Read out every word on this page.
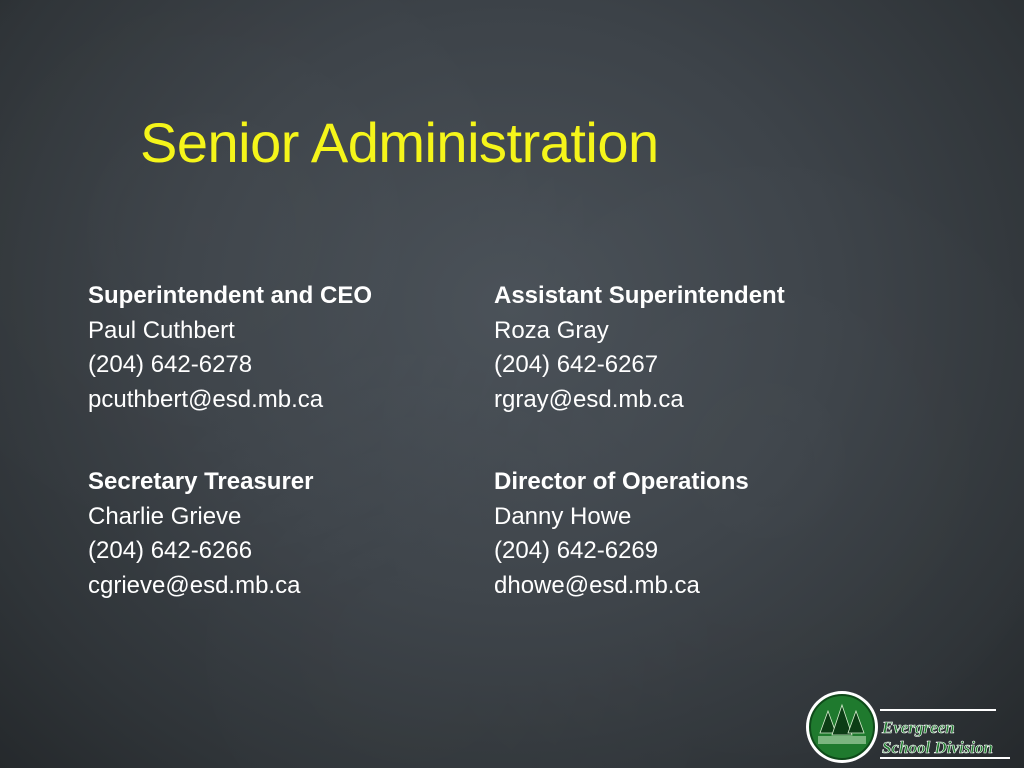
Senior Administration
Superintendent and CEO
Paul Cuthbert
(204) 642-6278
pcuthbert@esd.mb.ca
Assistant Superintendent
Roza Gray
(204) 642-6267
rgray@esd.mb.ca
Secretary Treasurer
Charlie Grieve
(204) 642-6266
cgrieve@esd.mb.ca
Director of Operations
Danny Howe
(204) 642-6269
dhowe@esd.mb.ca
Evergreen
School Division
